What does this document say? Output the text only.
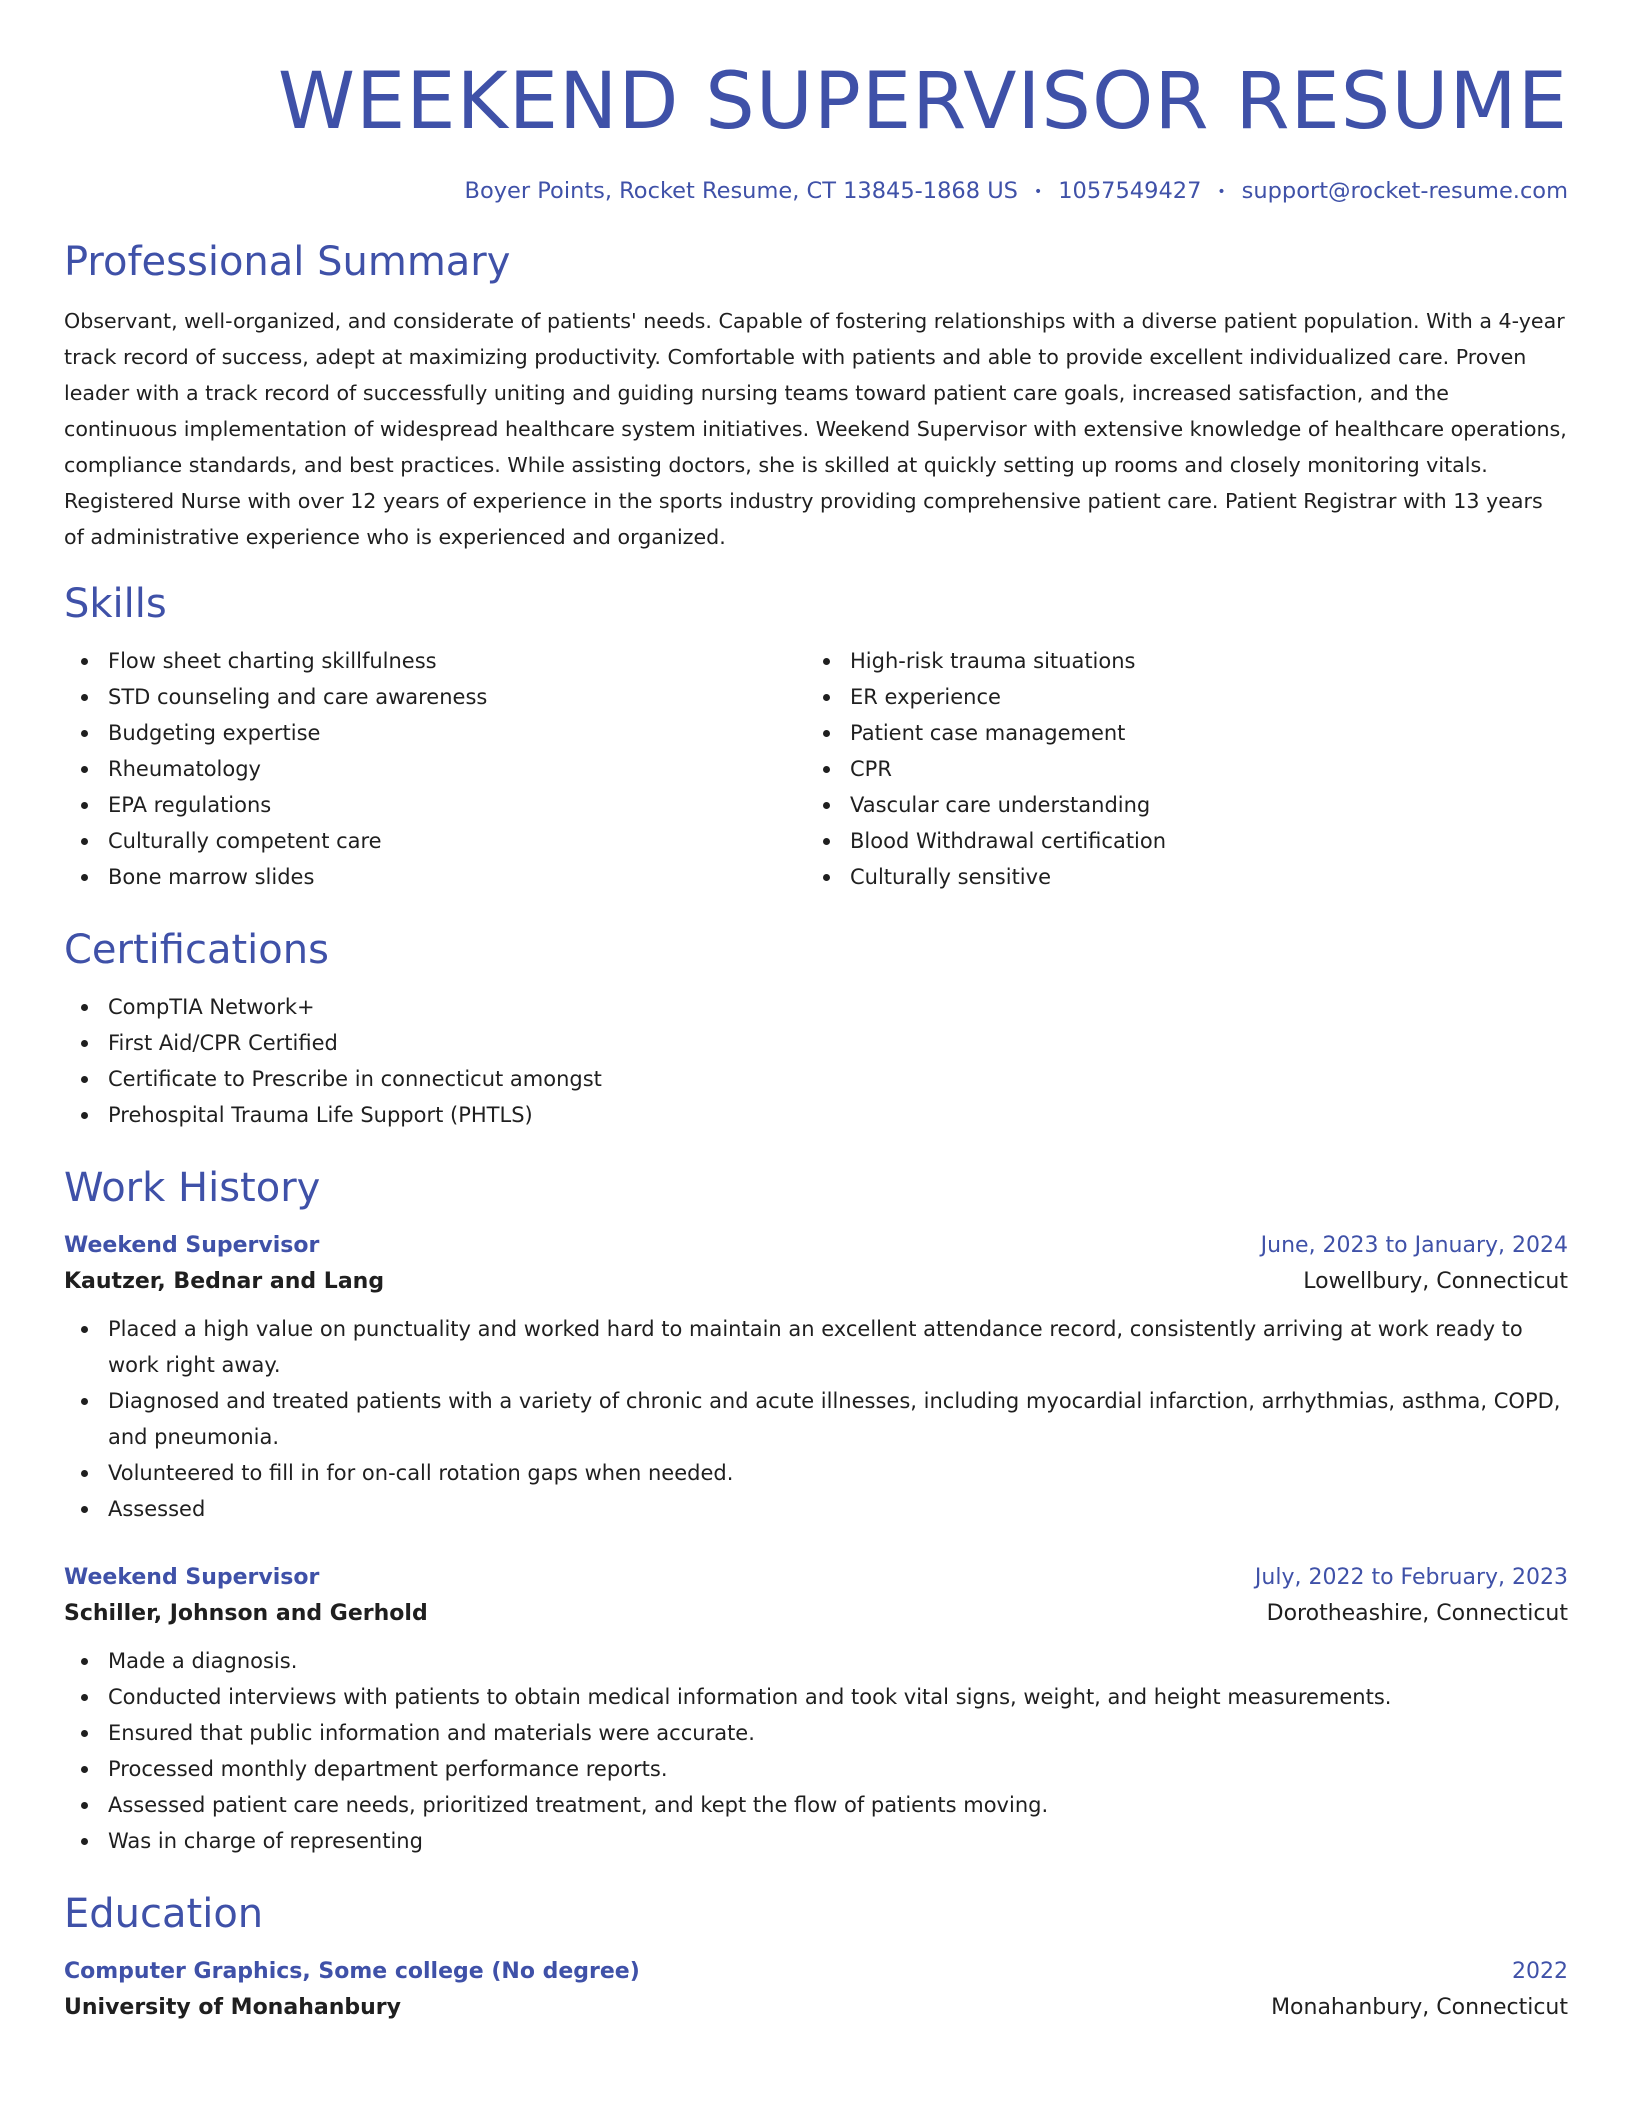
WEEKEND SUPERVISOR RESUME
Boyer Points, Rocket Resume, CT 13845-1868 US • 1057549427 • support@rocket-resume.com
Professional Summary

Observant, well-organized, and considerate of patients' needs. Capable of fostering relationships with a diverse patient population. With a 4-year track record of success, adept at maximizing productivity. Comfortable with patients and able to provide excellent individualized care. Proven leader with a track record of successfully uniting and guiding nursing teams toward patient care goals, increased satisfaction, and the continuous implementation of widespread healthcare system initiatives. Weekend Supervisor with extensive knowledge of healthcare operations, compliance standards, and best practices. While assisting doctors, she is skilled at quickly setting up rooms and closely monitoring vitals. Registered Nurse with over 12 years of experience in the sports industry providing comprehensive patient care. Patient Registrar with 13 years of administrative experience who is experienced and organized.

Skills
Flow sheet charting skillfulness
STD counseling and care awareness
Budgeting expertise
Rheumatology
EPA regulations
Culturally competent care
Bone marrow slides
High-risk trauma situations
ER experience
Patient case management
CPR
Vascular care understanding
Blood Withdrawal certification
Culturally sensitive
Certifications
CompTIA Network+
First Aid/CPR Certified
Certificate to Prescribe in connecticut amongst
Prehospital Trauma Life Support (PHTLS)
Work History
Weekend Supervisor	June, 2023 to January, 2024
Kautzer, Bednar and Lang	Lowellbury, Connecticut
Placed a high value on punctuality and worked hard to maintain an excellent attendance record, consistently arriving at work ready to work right away.
Diagnosed and treated patients with a variety of chronic and acute illnesses, including myocardial infarction, arrhythmias, asthma, COPD, and pneumonia.
Volunteered to fill in for on-call rotation gaps when needed.
Assessed
Weekend Supervisor	July, 2022 to February, 2023
Schiller, Johnson and Gerhold	Dorotheashire, Connecticut
Made a diagnosis.
Conducted interviews with patients to obtain medical information and took vital signs, weight, and height measurements.
Ensured that public information and materials were accurate.
Processed monthly department performance reports.
Assessed patient care needs, prioritized treatment, and kept the flow of patients moving.
Was in charge of representing
Education
Computer Graphics, Some college (No degree)	2022
University of Monahanbury	Monahanbury, Connecticut
